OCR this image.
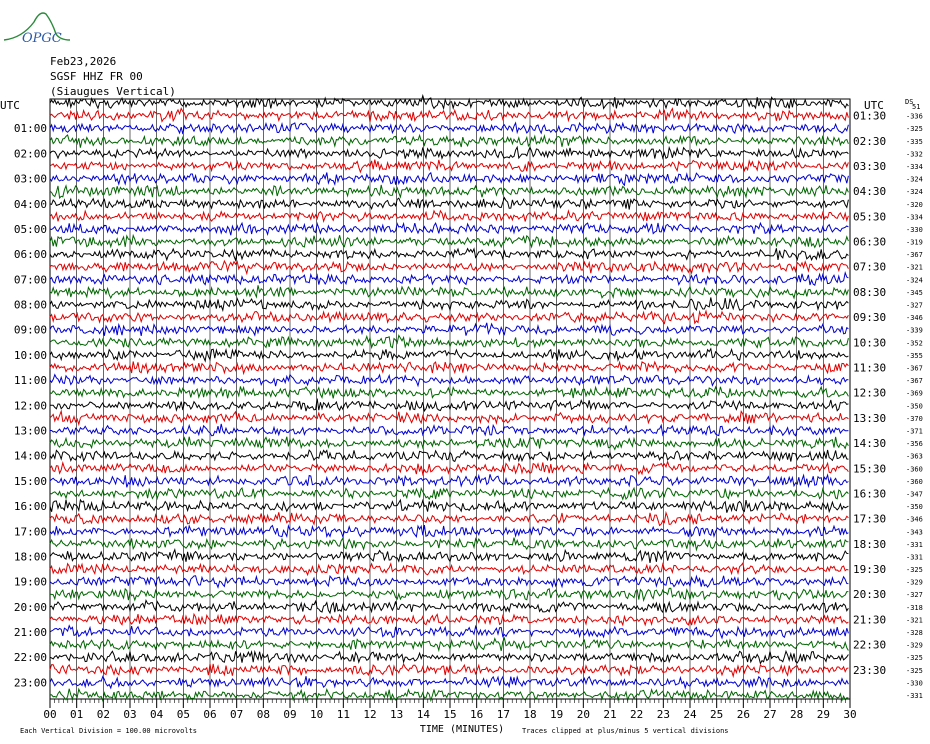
OPGC
Feb23,2026
SGSF HHZ FR 00
(Siaugues Vertical)
UTC
01:00
02:00
03:00
04:00
05:00
06:00
07:00
08:00
09:00
10:00
11:00
12:00
13:00
14:00
15:00
16:00
17:00
18:00
19:00
20:00
21:00
22:00
23:00
UTC
01:30
02:30
03:30
04:30
05:30
06:30
07:30
08:30
09:30
10:30
11:30
12:30
13:30
14:30
15:30
16:30
17:30
18:30
19:30
20:30
21:30
22:30
23:30
DS
51
-336
-325
-335
-332
-334
-324
-324
-320
-334
-330
-319
-367
-321
-324
-345
-327
-346
-339
-352
-355
-367
-367
-369
-350
-370
-371
-356
-363
-360
-360
-347
-350
-346
-343
-331
-331
-325
-329
-327
-318
-321
-328
-329
-325
-325
-330
-331
00 01 02 03 04 05 06 07 08 09 10 11 12 13 14 15 16 17 18 19 20 21 22 23 24 25 26 27 28 29 30
TIME (MINUTES)
Each Vertical Division = 100.00 microvolts	Traces clipped at plus/minus 5 vertical divisions
